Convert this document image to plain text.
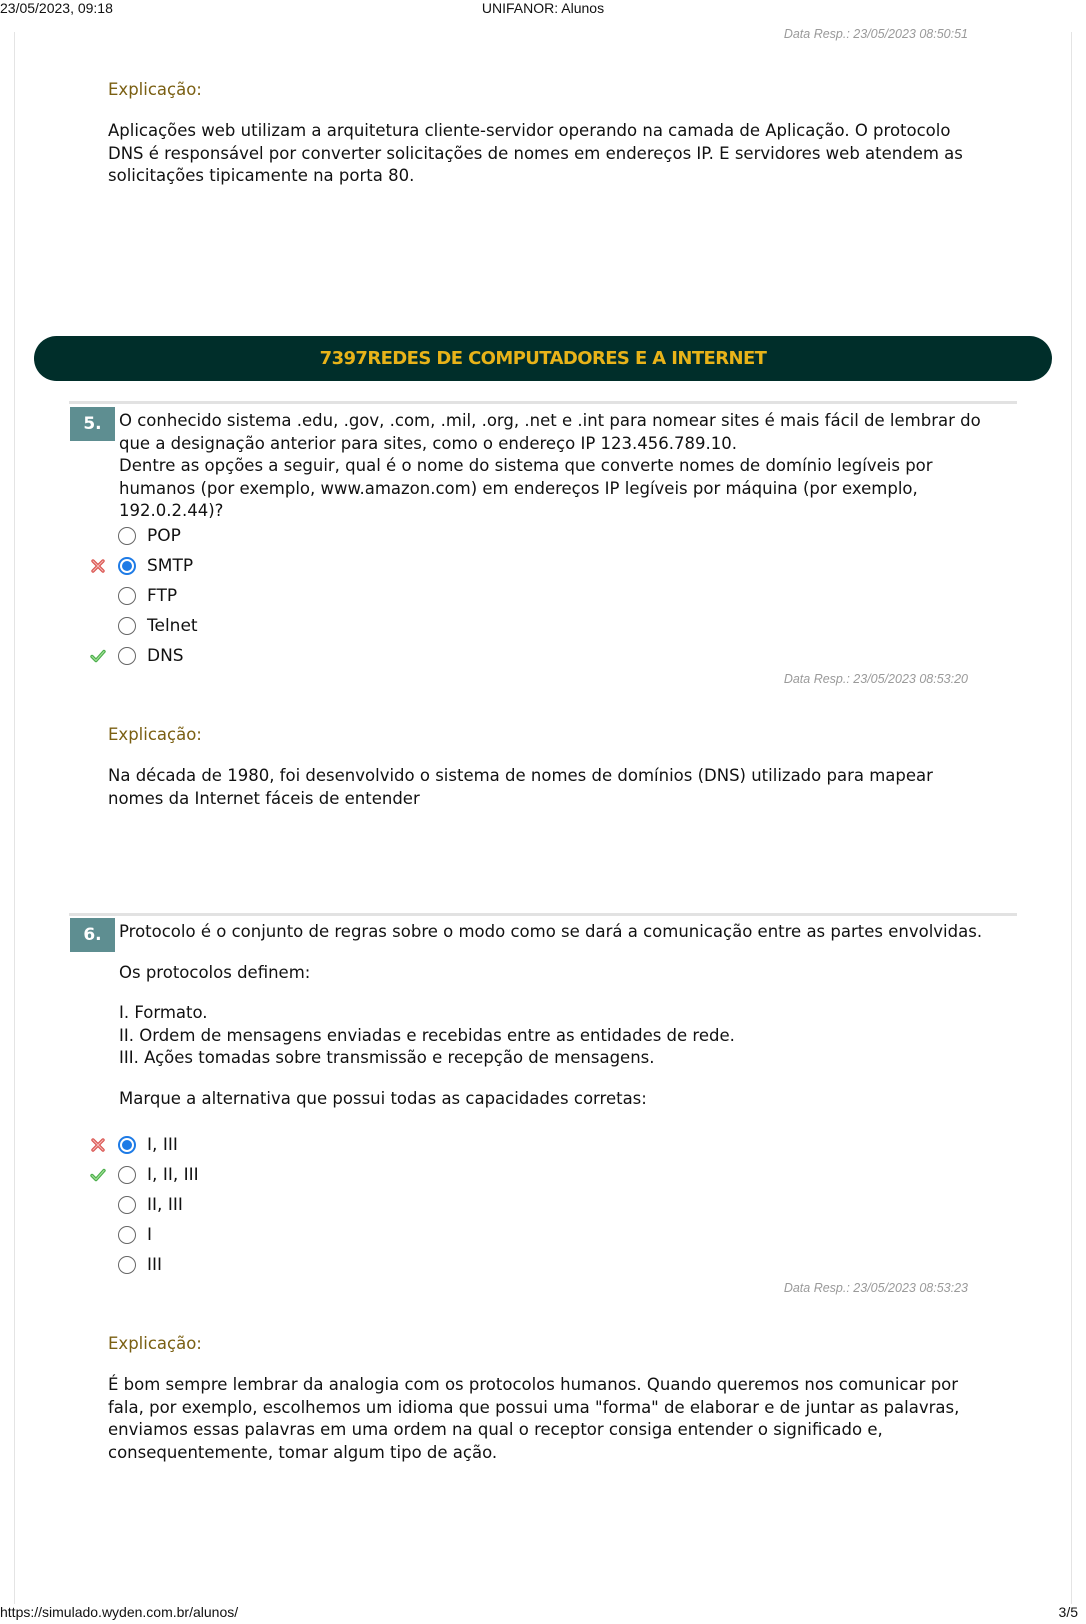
23/05/2023, 09:18	UNIFANOR: Alunos
Data Resp.: 23/05/2023 08:50:51
Explicação:
Aplicações web utilizam a arquitetura cliente-servidor operando na camada de Aplicação. O protocolo DNS é responsável por converter solicitações de nomes em endereços IP. E servidores web atendem as solicitações tipicamente na porta 80.
7397REDES DE COMPUTADORES E A INTERNET
5.	O conhecido sistema .edu, .gov, .com, .mil, .org, .net e .int para nomear sites é mais fácil de lembrar do que a designação anterior para sites, como o endereço IP 123.456.789.10.

Dentre as opções a seguir, qual é o nome do sistema que converte nomes de domínio legíveis por humanos (por exemplo, www.amazon.com) em endereços IP legíveis por máquina (por exemplo, 192.0.2.44)?

POP
SMTP
FTP
Telnet
DNS
Data Resp.: 23/05/2023 08:53:20
Explicação:
Na década de 1980, foi desenvolvido o sistema de nomes de domínios (DNS) utilizado para mapear nomes da Internet fáceis de entender
6.	Protocolo é o conjunto de regras sobre o modo como se dará a comunicação entre as partes envolvidas.

Os protocolos definem:

I. Formato.

II. Ordem de mensagens enviadas e recebidas entre as entidades de rede.

III. Ações tomadas sobre transmissão e recepção de mensagens.

Marque a alternativa que possui todas as capacidades corretas:

I, III
I, II, III
II, III
I
III
Data Resp.: 23/05/2023 08:53:23
Explicação:
É bom sempre lembrar da analogia com os protocolos humanos. Quando queremos nos comunicar por fala, por exemplo, escolhemos um idioma que possui uma "forma" de elaborar e de juntar as palavras, enviamos essas palavras em uma ordem na qual o receptor consiga entender o significado e, consequentemente, tomar algum tipo de ação.
https://simulado.wyden.com.br/alunos/	3/5
